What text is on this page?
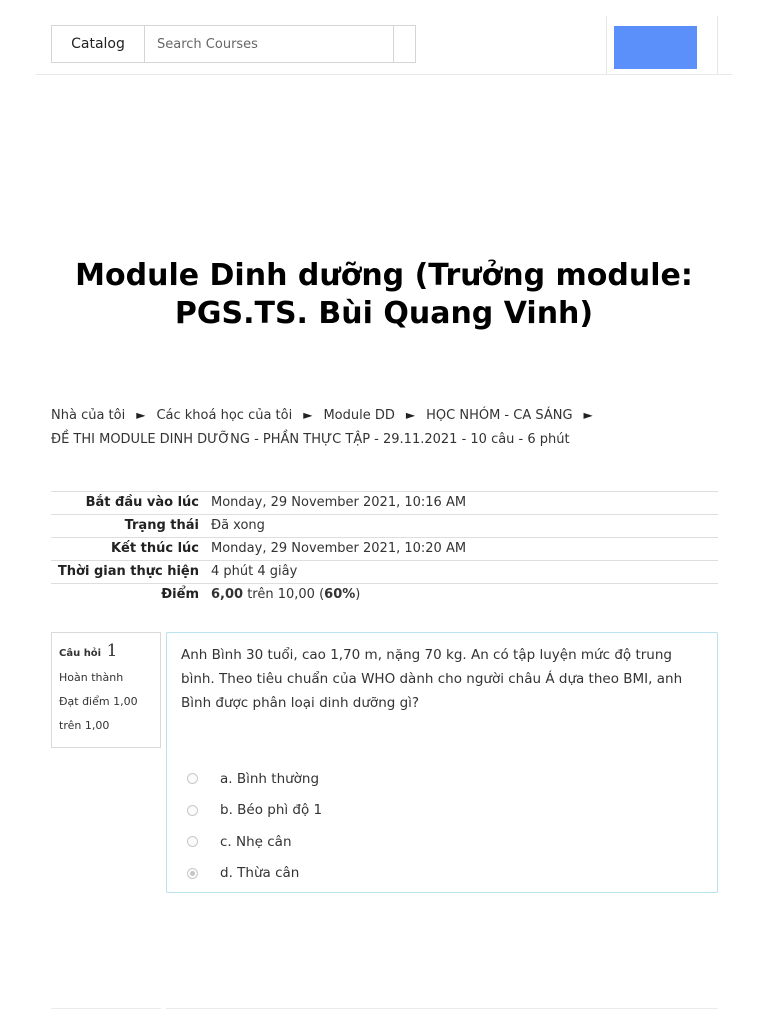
Catalog
Search Courses
Module Dinh dưỡng (Trưởng module:
PGS.TS. Bùi Quang Vinh)
Nhà của tôi ► Các khoá học của tôi ► Module DD ► HỌC NHÓM - CA SÁNG ►
ĐỀ THI MODULE DINH DƯỠNG - PHẦN THỰC TẬP - 29.11.2021 - 10 câu - 6 phút
Bắt đầu vào lúc	Monday, 29 November 2021, 10:16 AM
Trạng thái	Đã xong
Kết thúc lúc	Monday, 29 November 2021, 10:20 AM
Thời gian thực hiện	4 phút 4 giây
Điểm	6,00 trên 10,00 (60%)
Câu hỏi 1
Hoàn thành
Đạt điểm 1,00
trên 1,00

Anh Bình 30 tuổi, cao 1,70 m, nặng 70 kg. An có tập luyện mức độ trung bình. Theo tiêu chuẩn của WHO dành cho người châu Á dựa theo BMI, anh Bình được phân loại dinh dưỡng gì?

a. Bình thường
b. Béo phì độ 1
c. Nhẹ cân
d. Thừa cân
